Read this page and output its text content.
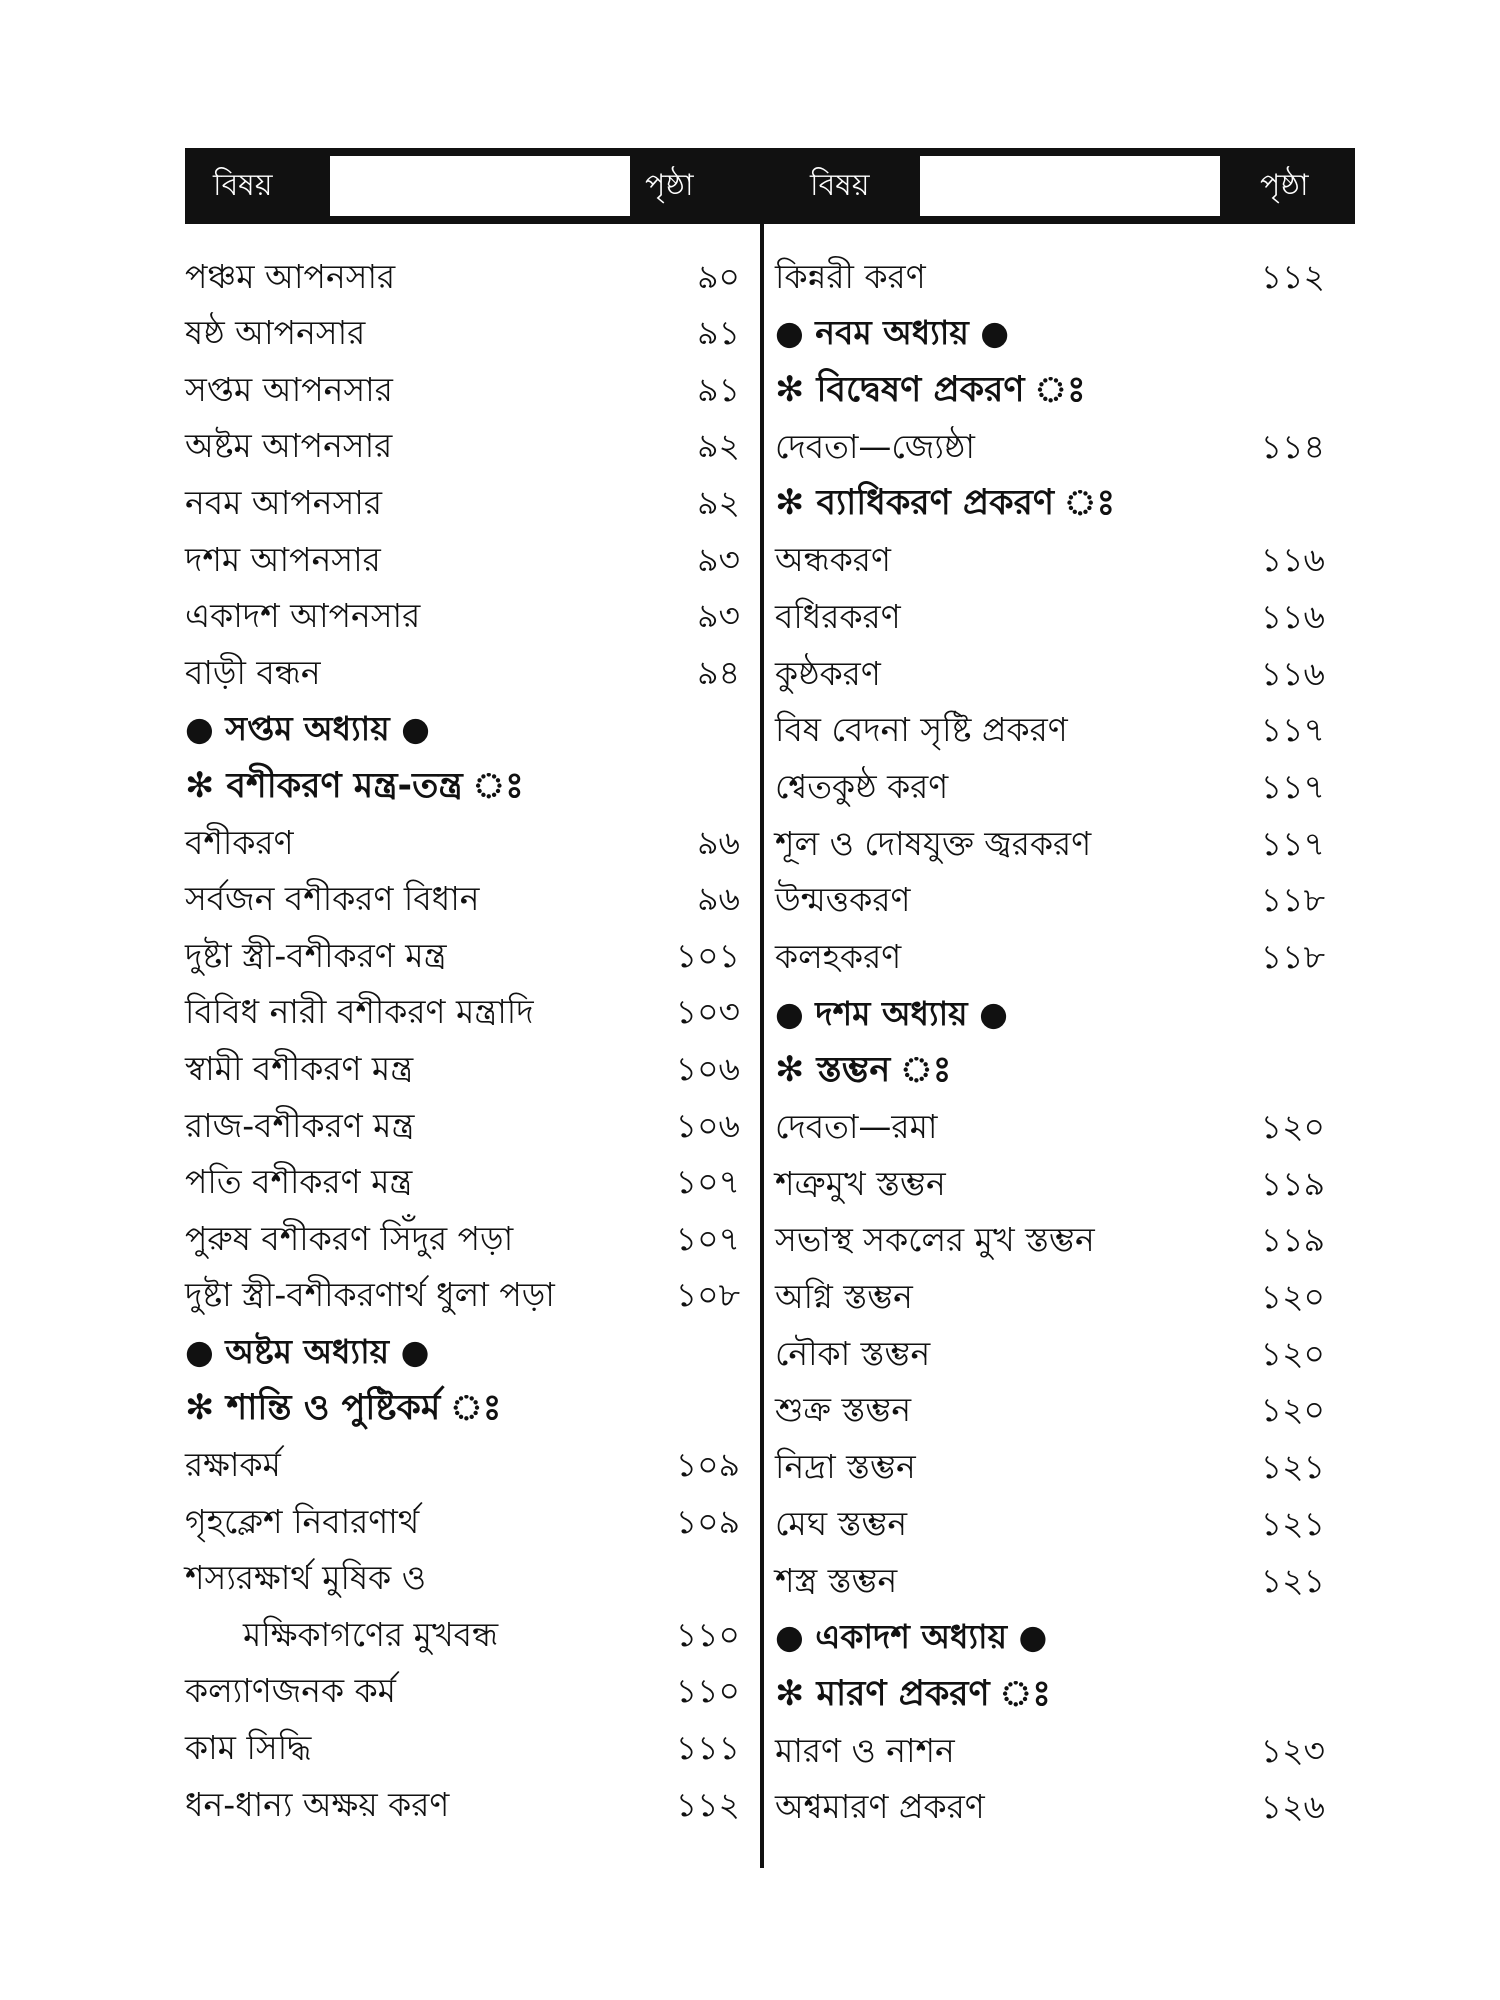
বিষয়	পৃষ্ঠা	বিষয়	পৃষ্ঠা
পঞ্চম আপনসার	৯০
ষষ্ঠ আপনসার	৯১
সপ্তম আপনসার	৯১
অষ্টম আপনসার	৯২
নবম আপনসার	৯২
দশম আপনসার	৯৩
একাদশ আপনসার	৯৩
বাড়ী বন্ধন	৯৪
● সপ্তম অধ্যায় ●
✻ বশীকরণ মন্ত্র-তন্ত্র ঃ
বশীকরণ	৯৬
সর্বজন বশীকরণ বিধান	৯৬
দুষ্টা স্ত্রী-বশীকরণ মন্ত্র	১০১
বিবিধ নারী বশীকরণ মন্ত্রাদি	১০৩
স্বামী বশীকরণ মন্ত্র	১০৬
রাজ-বশীকরণ মন্ত্র	১০৬
পতি বশীকরণ মন্ত্র	১০৭
পুরুষ বশীকরণ সিঁদুর পড়া	১০৭
দুষ্টা স্ত্রী-বশীকরণার্থ ধুলা পড়া	১০৮
● অষ্টম অধ্যায় ●
✻ শান্তি ও পুষ্টিকর্ম ঃ
রক্ষাকর্ম	১০৯
গৃহক্লেশ নিবারণার্থ	১০৯
শস্যরক্ষার্থ মুষিক ও
মক্ষিকাগণের মুখবন্ধ	১১০
কল্যাণজনক কর্ম	১১০
কাম সিদ্ধি	১১১
ধন-ধান্য অক্ষয় করণ	১১২
কিন্নরী করণ	১১২
● নবম অধ্যায় ●
✻ বিদ্বেষণ প্রকরণ ঃ
দেবতা—জ্যেষ্ঠা	১১৪
✻ ব্যাধিকরণ প্রকরণ ঃ
অন্ধকরণ	১১৬
বধিরকরণ	১১৬
কুষ্ঠকরণ	১১৬
বিষ বেদনা সৃষ্টি প্রকরণ	১১৭
শ্বেতকুষ্ঠ করণ	১১৭
শূল ও দোষযুক্ত জ্বরকরণ	১১৭
উন্মত্তকরণ	১১৮
কলহকরণ	১১৮
● দশম অধ্যায় ●
✻ স্তম্ভন ঃ
দেবতা—রমা	১২০
শত্রুমুখ স্তম্ভন	১১৯
সভাস্থ সকলের মুখ স্তম্ভন	১১৯
অগ্নি স্তম্ভন	১২০
নৌকা স্তম্ভন	১২০
শুক্র স্তম্ভন	১২০
নিদ্রা স্তম্ভন	১২১
মেঘ স্তম্ভন	১২১
শস্ত্র স্তম্ভন	১২১
● একাদশ অধ্যায় ●
✻ মারণ প্রকরণ ঃ
মারণ ও নাশন	১২৩
অশ্বমারণ প্রকরণ	১২৬
